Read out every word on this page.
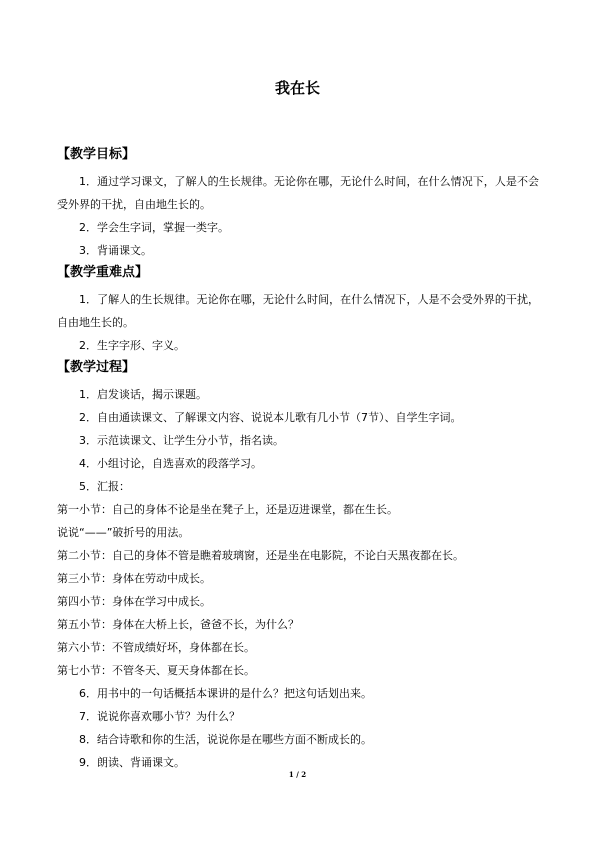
我在长

【教学目标】

1．通过学习课文，了解人的生长规律。无论你在哪，无论什么时间，在什么情况下，人是不会受外界的干扰，自由地生长的。

2．学会生字词，掌握一类字。

3．背诵课文。

【教学重难点】

1．了解人的生长规律。无论你在哪，无论什么时间，在什么情况下，人是不会受外界的干扰，自由地生长的。

2．生字字形、字义。

【教学过程】

1．启发谈话，揭示课题。

2．自由通读课文、了解课文内容、说说本儿歌有几小节（7节）、自学生字词。

3．示范读课文、让学生分小节，指名读。

4．小组讨论，自选喜欢的段落学习。

5．汇报：

第一小节：自己的身体不论是坐在凳子上，还是迈进课堂，都在生长。

说说“——”破折号的用法。

第二小节：自己的身体不管是瞧着玻璃窗，还是坐在电影院，不论白天黑夜都在长。

第三小节：身体在劳动中成长。

第四小节：身体在学习中成长。

第五小节：身体在大桥上长，爸爸不长，为什么？

第六小节：不管成绩好坏，身体都在长。

第七小节：不管冬天、夏天身体都在长。

6．用书中的一句话概括本课讲的是什么？把这句话划出来。

7．说说你喜欢哪小节？为什么？

8．结合诗歌和你的生活，说说你是在哪些方面不断成长的。

9．朗读、背诵课文。

1 / 2
